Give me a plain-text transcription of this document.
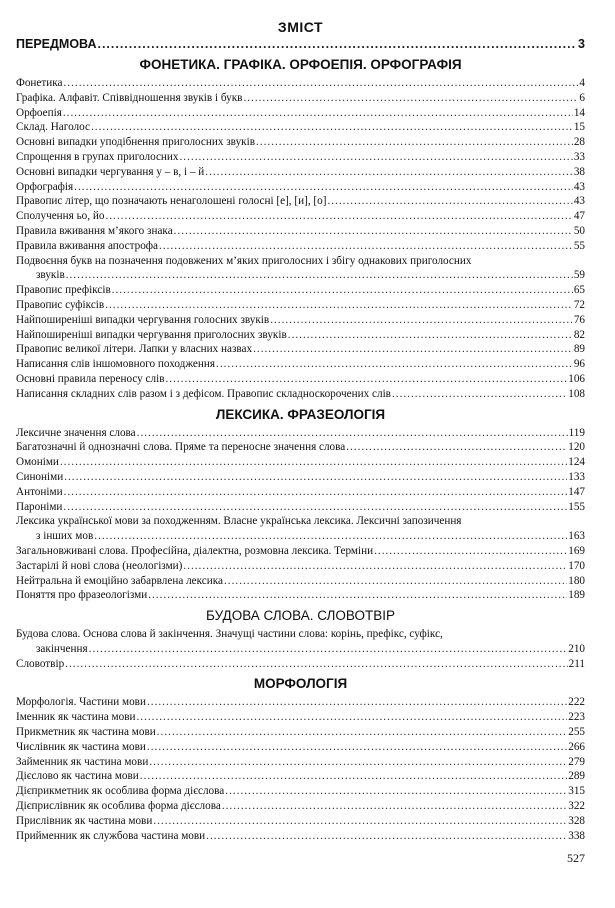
ЗМІСТ
ПЕРЕДМОВА .....	3
ФОНЕТИКА. ГРАФІКА. ОРФОЕПІЯ. ОРФОГРАФІЯ
Фонетика .....	4
Графіка. Алфавіт. Співвідношення звуків і букв .....	6
Орфоепія .....	14
Склад. Наголос .....	15
Основні випадки уподібнення приголосних звуків .....	28
Спрощення в групах приголосних .....	33
Основні випадки чергування у – в, і – й .....	38
Орфографія .....	43
Правопис літер, що позначають ненаголошені голосні [е], [и], [о] .....	43
Сполучення ьо, йо .....	47
Правила вживання м’якого знака .....	50
Правила вживання апострофа .....	55
Подвоєння букв на позначення подовжених м’яких приголосних і збігу однакових приголосних
звуків .....	59
Правопис префіксів .....	65
Правопис суфіксів .....	72
Найпоширеніші випадки чергування голосних звуків .....	76
Найпоширеніші випадки чергування приголосних звуків .....	82
Правопис великої літери. Лапки у власних назвах .....	89
Написання слів іншомовного походження .....	96
Основні правила переносу слів .....	106
Написання складних слів разом і з дефісом. Правопис складноскорочених слів .....	108
ЛЕКСИКА. ФРАЗЕОЛОГІЯ
Лексичне значення слова .....	119
Багатозначні й однозначні слова. Пряме та переносне значення слова .....	120
Омоніми .....	124
Синоніми .....	133
Антоніми .....	147
Пароніми .....	155
Лексика української мови за походженням. Власне українська лексика. Лексичні запозичення
з інших мов .....	163
Загальновживані слова. Професійна, діалектна, розмовна лексика. Терміни .....	169
Застарілі й нові слова (неологізми) .....	170
Нейтральна й емоційно забарвлена лексика .....	180
Поняття про фразеологізми .....	189
БУДОВА СЛОВА. СЛОВОТВІР
Будова слова. Основа слова й закінчення. Значущі частини слова: корінь, префікс, суфікс,
закінчення .....	210
Словотвір .....	211
МОРФОЛОГІЯ
Морфологія. Частини мови .....	222
Іменник як частина мови .....	223
Прикметник як частина мови .....	255
Числівник як частина мови .....	266
Займенник як частина мови .....	279
Дієслово як частина мови .....	289
Дієприкметник як особлива форма дієслова .....	315
Дієприслівник як особлива форма дієслова .....	322
Прислівник як частина мови .....	328
Прийменник як службова частина мови .....	338
527
